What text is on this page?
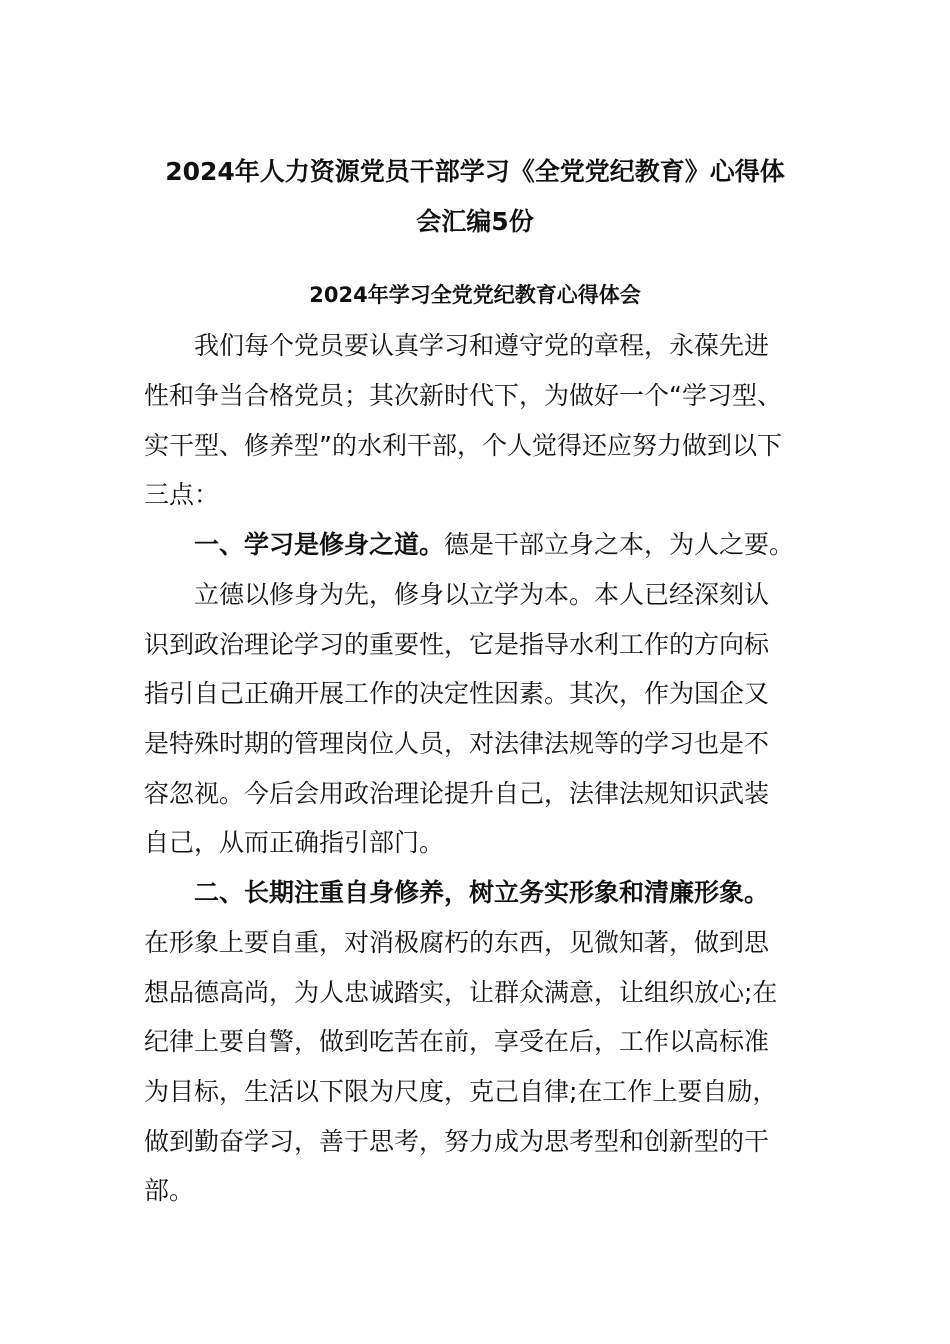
2024年人力资源党员干部学习《全党党纪教育》心得体
会汇编5份
2024年学习全党党纪教育心得体会

我们每个党员要认真学习和遵守党的章程，永葆先进

性和争当合格党员；其次新时代下，为做好一个“学习型、

实干型、修养型”的水利干部，个人觉得还应努力做到以下

三点：

一、学习是修身之道。德是干部立身之本，为人之要。

立德以修身为先，修身以立学为本。本人已经深刻认

识到政治理论学习的重要性，它是指导水利工作的方向标

指引自己正确开展工作的决定性因素。其次，作为国企又

是特殊时期的管理岗位人员，对法律法规等的学习也是不

容忽视。今后会用政治理论提升自己，法律法规知识武装

自己，从而正确指引部门。

二、长期注重自身修养，树立务实形象和清廉形象。

在形象上要自重，对消极腐朽的东西，见微知著，做到思

想品德高尚，为人忠诚踏实，让群众满意，让组织放心;在

纪律上要自警，做到吃苦在前，享受在后，工作以高标准

为目标，生活以下限为尺度，克己自律;在工作上要自励，

做到勤奋学习，善于思考，努力成为思考型和创新型的干

部。
